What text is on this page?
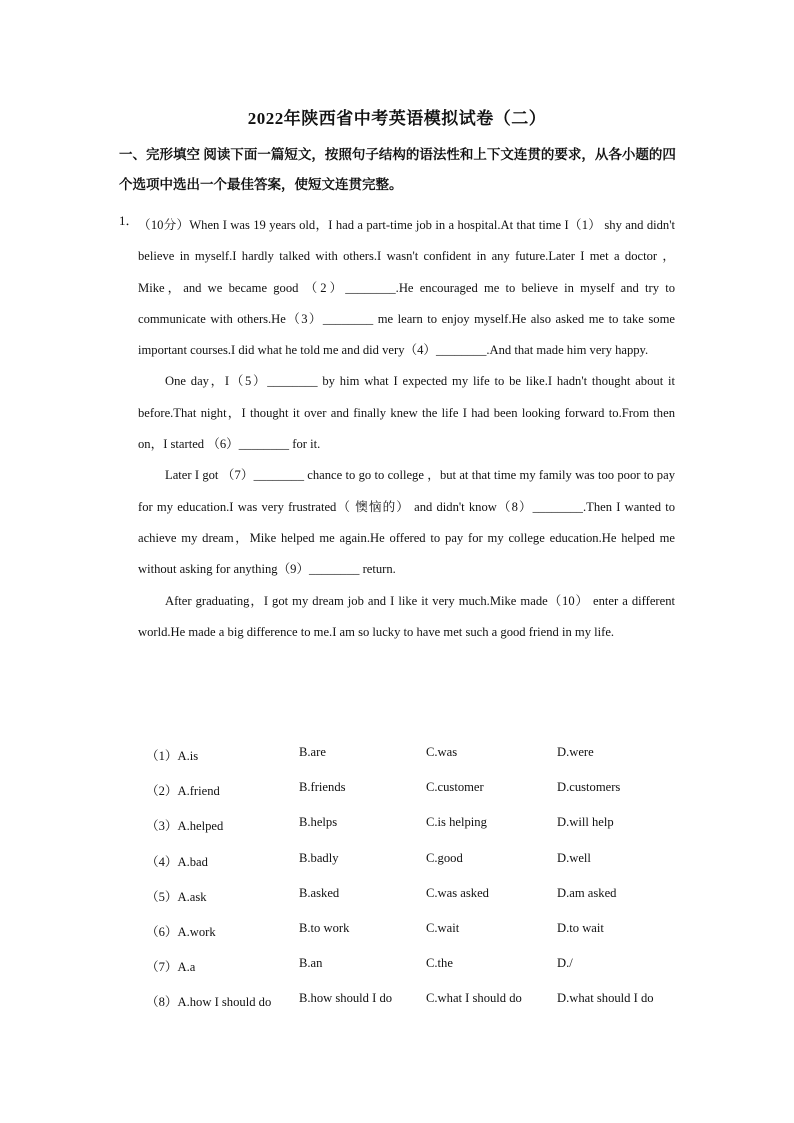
2022年陕西省中考英语模拟试卷（二）
一、完形填空 阅读下面一篇短文，按照句子结构的语法性和上下文连贯的要求，从各小题的四个选项中选出一个最佳答案，使短文连贯完整。
1． （10分）When I was 19 years old，I had a part-time job in a hospital.At that time I（1） shy and didn't believe in myself.I hardly talked with others.I wasn't confident in any future.Later I met a doctor ，Mike，and we became good （2）________.He encouraged me to believe in myself and try to communicate with others.He（3）________ me learn to enjoy myself.He also asked me to take some important courses.I did what he told me and did very（4）________.And that made him very happy.

One day，I（5）________ by him what I expected my life to be like.I hadn't thought about it before.That night，I thought it over and finally knew the life I had been looking forward to.From then on，I started （6）________ for it.

Later I got （7）________ chance to go to college ，but at that time my family was too poor to pay for my education.I was very frustrated（ 懊恼的） and didn't know（8）________.Then I wanted to achieve my dream，Mike helped me again.He offered to pay for my college education.He helped me without asking for anything（9）________ return.

After graduating，I got my dream job and I like it very much.Mike made（10） enter a different world.He made a big difference to me.I am so lucky to have met such a good friend in my life.

（1）A.is	B.are	C.was	D.were
（2）A.friend	B.friends	C.customer	D.customers
（3）A.helped	B.helps	C.is helping	D.will help
（4）A.bad	B.badly	C.good	D.well
（5）A.ask	B.asked	C.was asked	D.am asked
（6）A.work	B.to work	C.wait	D.to wait
（7）A.a	B.an	C.the	D./
（8）A.how I should do B.how should I do	C.what I should do	D.what should I do
